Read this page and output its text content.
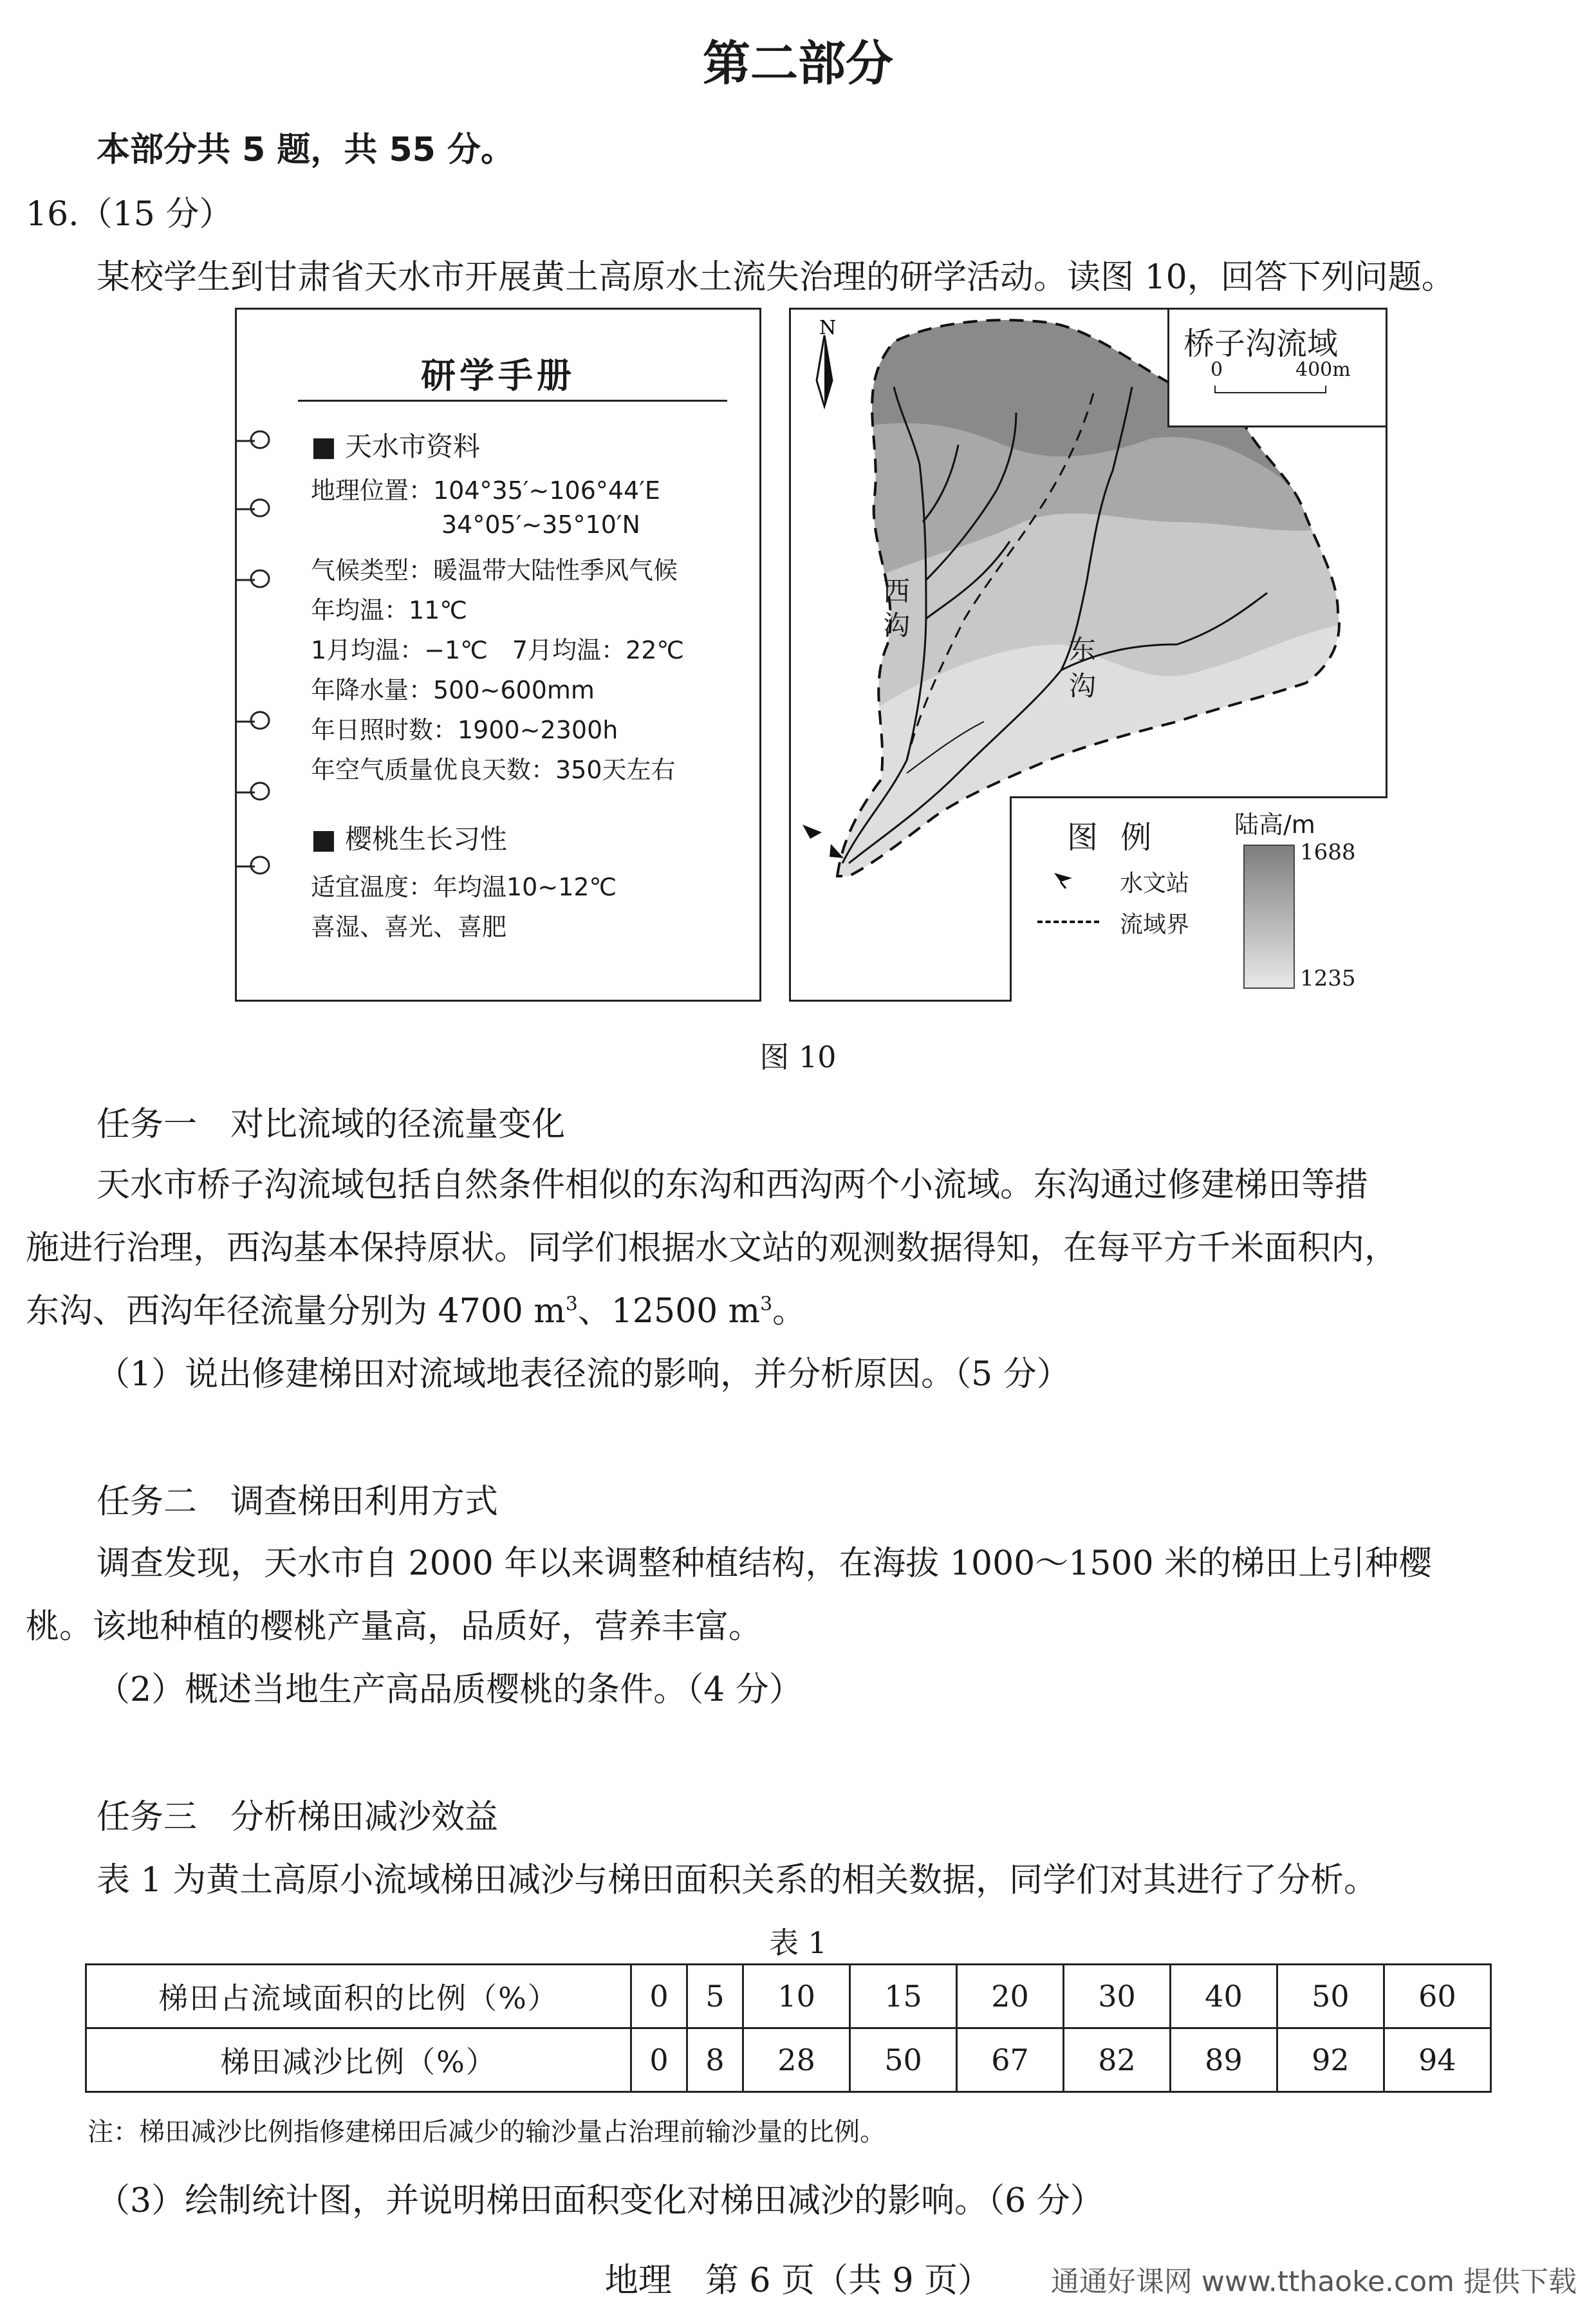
第二部分
本部分共 5 题，共 55 分。
16.（15 分）
某校学生到甘肃省天水市开展黄土高原水土流失治理的研学活动。读图 10，回答下列问题。
研学手册
■ 天水市资料
地理位置：104°35′~106°44′E
34°05′~35°10′N
气候类型：暖温带大陆性季风气候
年均温：11℃
1月均温：−1℃　7月均温：22℃
年降水量：500~600mm
年日照时数：1900~2300h
年空气质量优良天数：350天左右
■ 樱桃生长习性
适宜温度：年均温10~12℃
喜湿、喜光、喜肥
N	桥子沟流域
0	400m
西
沟
东
沟
图 例
水文站
流域界
陆高/m
1688
1235
图 10
任务一　对比流域的径流量变化
天水市桥子沟流域包括自然条件相似的东沟和西沟两个小流域。东沟通过修建梯田等措
施进行治理，西沟基本保持原状。同学们根据水文站的观测数据得知，在每平方千米面积内，
东沟、西沟年径流量分别为 4700 $m^3$、12500 $m^3$。
（1）说出修建梯田对流域地表径流的影响，并分析原因。（5 分）
任务二　调查梯田利用方式
调查发现，天水市自 2000 年以来调整种植结构，在海拔 1000～1500 米的梯田上引种樱
桃。该地种植的樱桃产量高，品质好，营养丰富。
（2）概述当地生产高品质樱桃的条件。（4 分）
任务三　分析梯田减沙效益
表 1 为黄土高原小流域梯田减沙与梯田面积关系的相关数据，同学们对其进行了分析。
表 1
梯田占流域面积的比例（%）	0	5	10	15	20	30	40	50	60
梯田减沙比例（%）	0	8	28	50	67	82	89	92	94
注：梯田减沙比例指修建梯田后减少的输沙量占治理前输沙量的比例。
（3）绘制统计图，并说明梯田面积变化对梯田减沙的影响。（6 分）
地理　第 6 页（共 9 页）	通通好课网 www.tthaoke.com 提供下载
